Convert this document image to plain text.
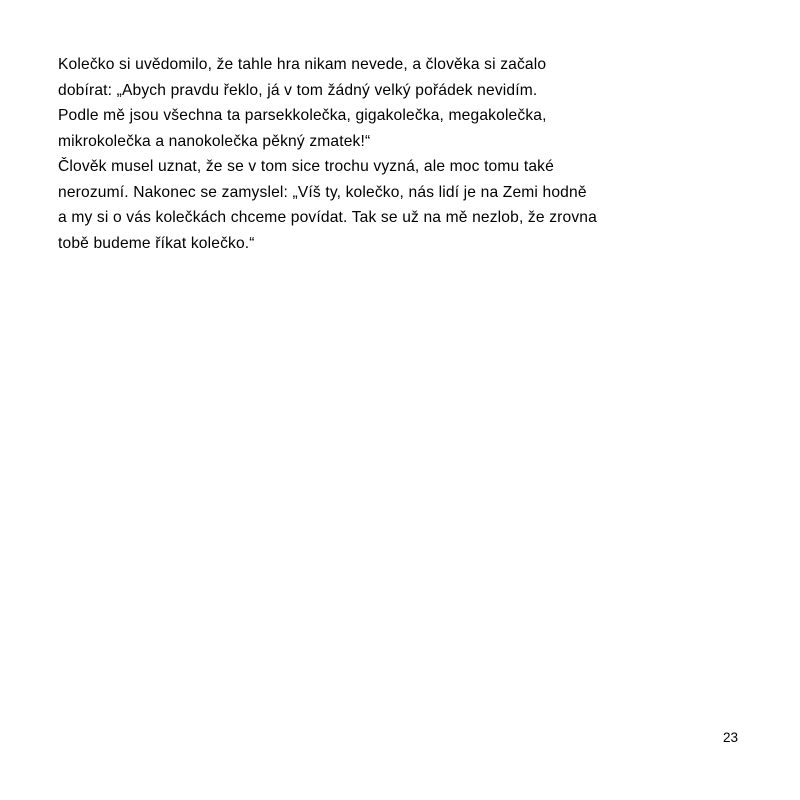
Kolečko si uvědomilo, že tahle hra nikam nevede, a člověka si začalo
dobírat: „Abych pravdu řeklo, já v tom žádný velký pořádek nevidím.
Podle mě jsou všechna ta parsekkolečka, gigakolečka, megakolečka,
mikrokolečka a nanokolečka pěkný zmatek!“

Člověk musel uznat, že se v tom sice trochu vyzná, ale moc tomu také
nerozumí. Nakonec se zamyslel: „Víš ty, kolečko, nás lidí je na Zemi hodně
a my si o vás kolečkách chceme povídat. Tak se už na mě nezlob, že zrovna
tobě budeme říkat kolečko.“

23
